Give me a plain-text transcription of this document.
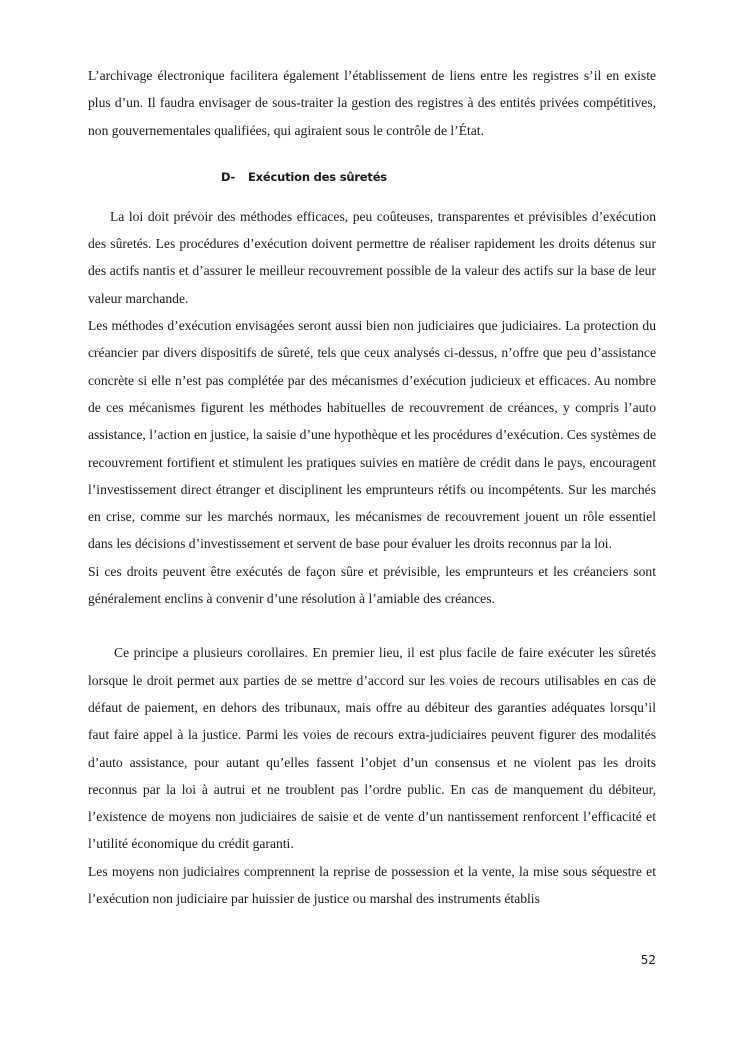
L’archivage électronique facilitera également l’établissement de liens entre les registres s’il en existe plus d’un. Il faudra envisager de sous-traiter la gestion des registres à des entités privées compétitives, non gouvernementales qualifiées, qui agiraient sous le contrôle de l’État.

D- Exécution des sûretés

La loi doit prévoir des méthodes efficaces, peu coûteuses, transparentes et prévisibles d’exécution des sûretés. Les procédures d’exécution doivent permettre de réaliser rapidement les droits détenus sur des actifs nantis et d’assurer le meilleur recouvrement possible de la valeur des actifs sur la base de leur valeur marchande.

Les méthodes d’exécution envisagées seront aussi bien non judiciaires que judiciaires. La protection du créancier par divers dispositifs de sûreté, tels que ceux analysés ci-dessus, n’offre que peu d’assistance concrète si elle n’est pas complétée par des mécanismes d’exécution judicieux et efficaces. Au nombre de ces mécanismes figurent les méthodes habituelles de recouvrement de créances, y compris l’auto assistance, l’action en justice, la saisie d’une hypothèque et les procédures d’exécution. Ces systèmes de recouvrement fortifient et stimulent les pratiques suivies en matière de crédit dans le pays, encouragent l’investissement direct étranger et disciplinent les emprunteurs rétifs ou incompétents. Sur les marchés en crise, comme sur les marchés normaux, les mécanismes de recouvrement jouent un rôle essentiel dans les décisions d’investissement et servent de base pour évaluer les droits reconnus par la loi.

Si ces droits peuvent être exécutés de façon sûre et prévisible, les emprunteurs et les créanciers sont généralement enclins à convenir d’une résolution à l’amiable des créances.

Ce principe a plusieurs corollaires. En premier lieu, il est plus facile de faire exécuter les sûretés lorsque le droit permet aux parties de se mettre d’accord sur les voies de recours utilisables en cas de défaut de paiement, en dehors des tribunaux, mais offre au débiteur des garanties adéquates lorsqu’il faut faire appel à la justice. Parmi les voies de recours extra-judiciaires peuvent figurer des modalités d’auto assistance, pour autant qu’elles fassent l’objet d’un consensus et ne violent pas les droits reconnus par la loi à autrui et ne troublent pas l’ordre public. En cas de manquement du débiteur, l’existence de moyens non judiciaires de saisie et de vente d’un nantissement renforcent l’efficacité et l’utilité économique du crédit garanti.

Les moyens non judiciaires comprennent la reprise de possession et la vente, la mise sous séquestre et l’exécution non judiciaire par huissier de justice ou marshal des instruments établis

52
